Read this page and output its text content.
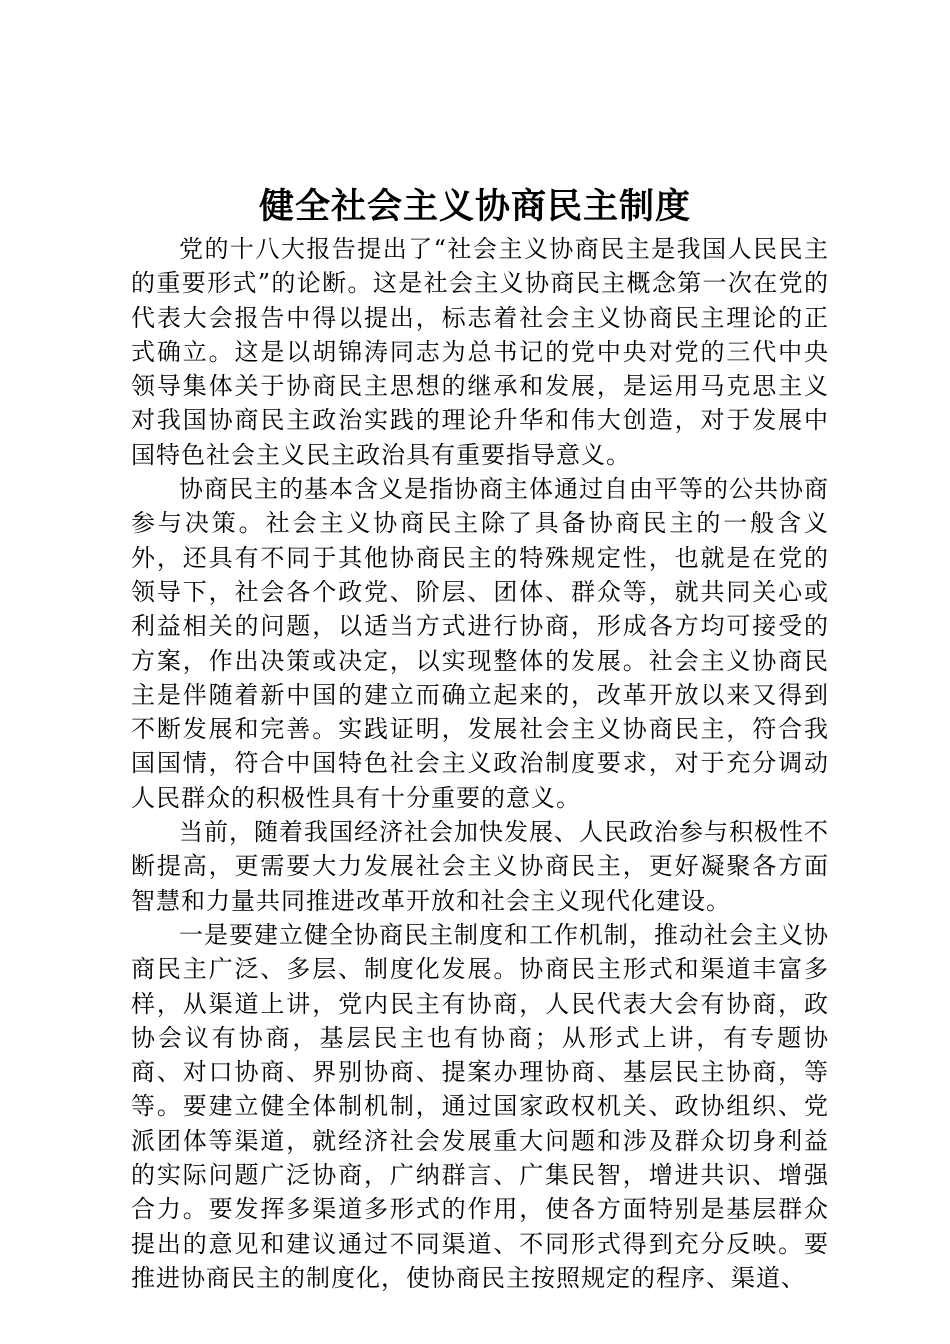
健全社会主义协商民主制度

党的十八大报告提出了“社会主义协商民主是我国人民民主的重要形式”的论断。这是社会主义协商民主概念第一次在党的代表大会报告中得以提出，标志着社会主义协商民主理论的正式确立。这是以胡锦涛同志为总书记的党中央对党的三代中央领导集体关于协商民主思想的继承和发展，是运用马克思主义对我国协商民主政治实践的理论升华和伟大创造，对于发展中国特色社会主义民主政治具有重要指导意义。

协商民主的基本含义是指协商主体通过自由平等的公共协商参与决策。社会主义协商民主除了具备协商民主的一般含义外，还具有不同于其他协商民主的特殊规定性，也就是在党的领导下，社会各个政党、阶层、团体、群众等，就共同关心或利益相关的问题，以适当方式进行协商，形成各方均可接受的方案，作出决策或决定，以实现整体的发展。社会主义协商民主是伴随着新中国的建立而确立起来的，改革开放以来又得到不断发展和完善。实践证明，发展社会主义协商民主，符合我国国情，符合中国特色社会主义政治制度要求，对于充分调动人民群众的积极性具有十分重要的意义。

当前，随着我国经济社会加快发展、人民政治参与积极性不断提高，更需要大力发展社会主义协商民主，更好凝聚各方面智慧和力量共同推进改革开放和社会主义现代化建设。

一是要建立健全协商民主制度和工作机制，推动社会主义协商民主广泛、多层、制度化发展。协商民主形式和渠道丰富多样，从渠道上讲，党内民主有协商，人民代表大会有协商，政协会议有协商，基层民主也有协商；从形式上讲，有专题协商、对口协商、界别协商、提案办理协商、基层民主协商，等等。要建立健全体制机制，通过国家政权机关、政协组织、党派团体等渠道，就经济社会发展重大问题和涉及群众切身利益的实际问题广泛协商，广纳群言、广集民智，增进共识、增强合力。要发挥多渠道多形式的作用，使各方面特别是基层群众提出的意见和建议通过不同渠道、不同形式得到充分反映。要推进协商民主的制度化，使协商民主按照规定的程序、渠道、
